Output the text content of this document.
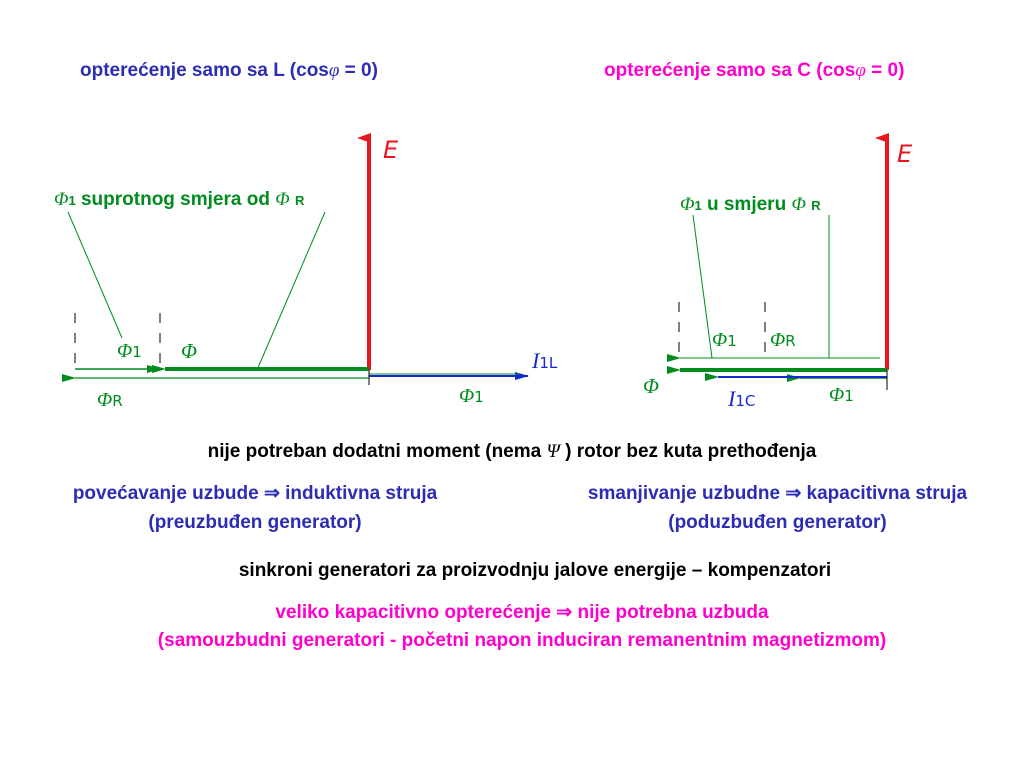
opterećenje samo sa L (cosφ = 0)	opterećenje samo sa C (cosφ = 0)
Φ1 suprotnog smjera od Φ R	Φ1 u smjeru Φ R
E
Φ1 Φ
ΦR
I1L
Φ1
E
Φ1 ΦR
Φ	I1C	Φ1
nije potreban dodatni moment (nema Ψ ) rotor bez kuta prethođenja
povećavanje uzbude ⇒ induktivna struja
(preuzbuđen generator)
smanjivanje uzbudne ⇒ kapacitivna struja
(poduzbuđen generator)
sinkroni generatori za proizvodnju jalove energije – kompenzatori
veliko kapacitivno opterećenje ⇒ nije potrebna uzbuda
(samouzbudni generatori - početni napon induciran remanentnim magnetizmom)
